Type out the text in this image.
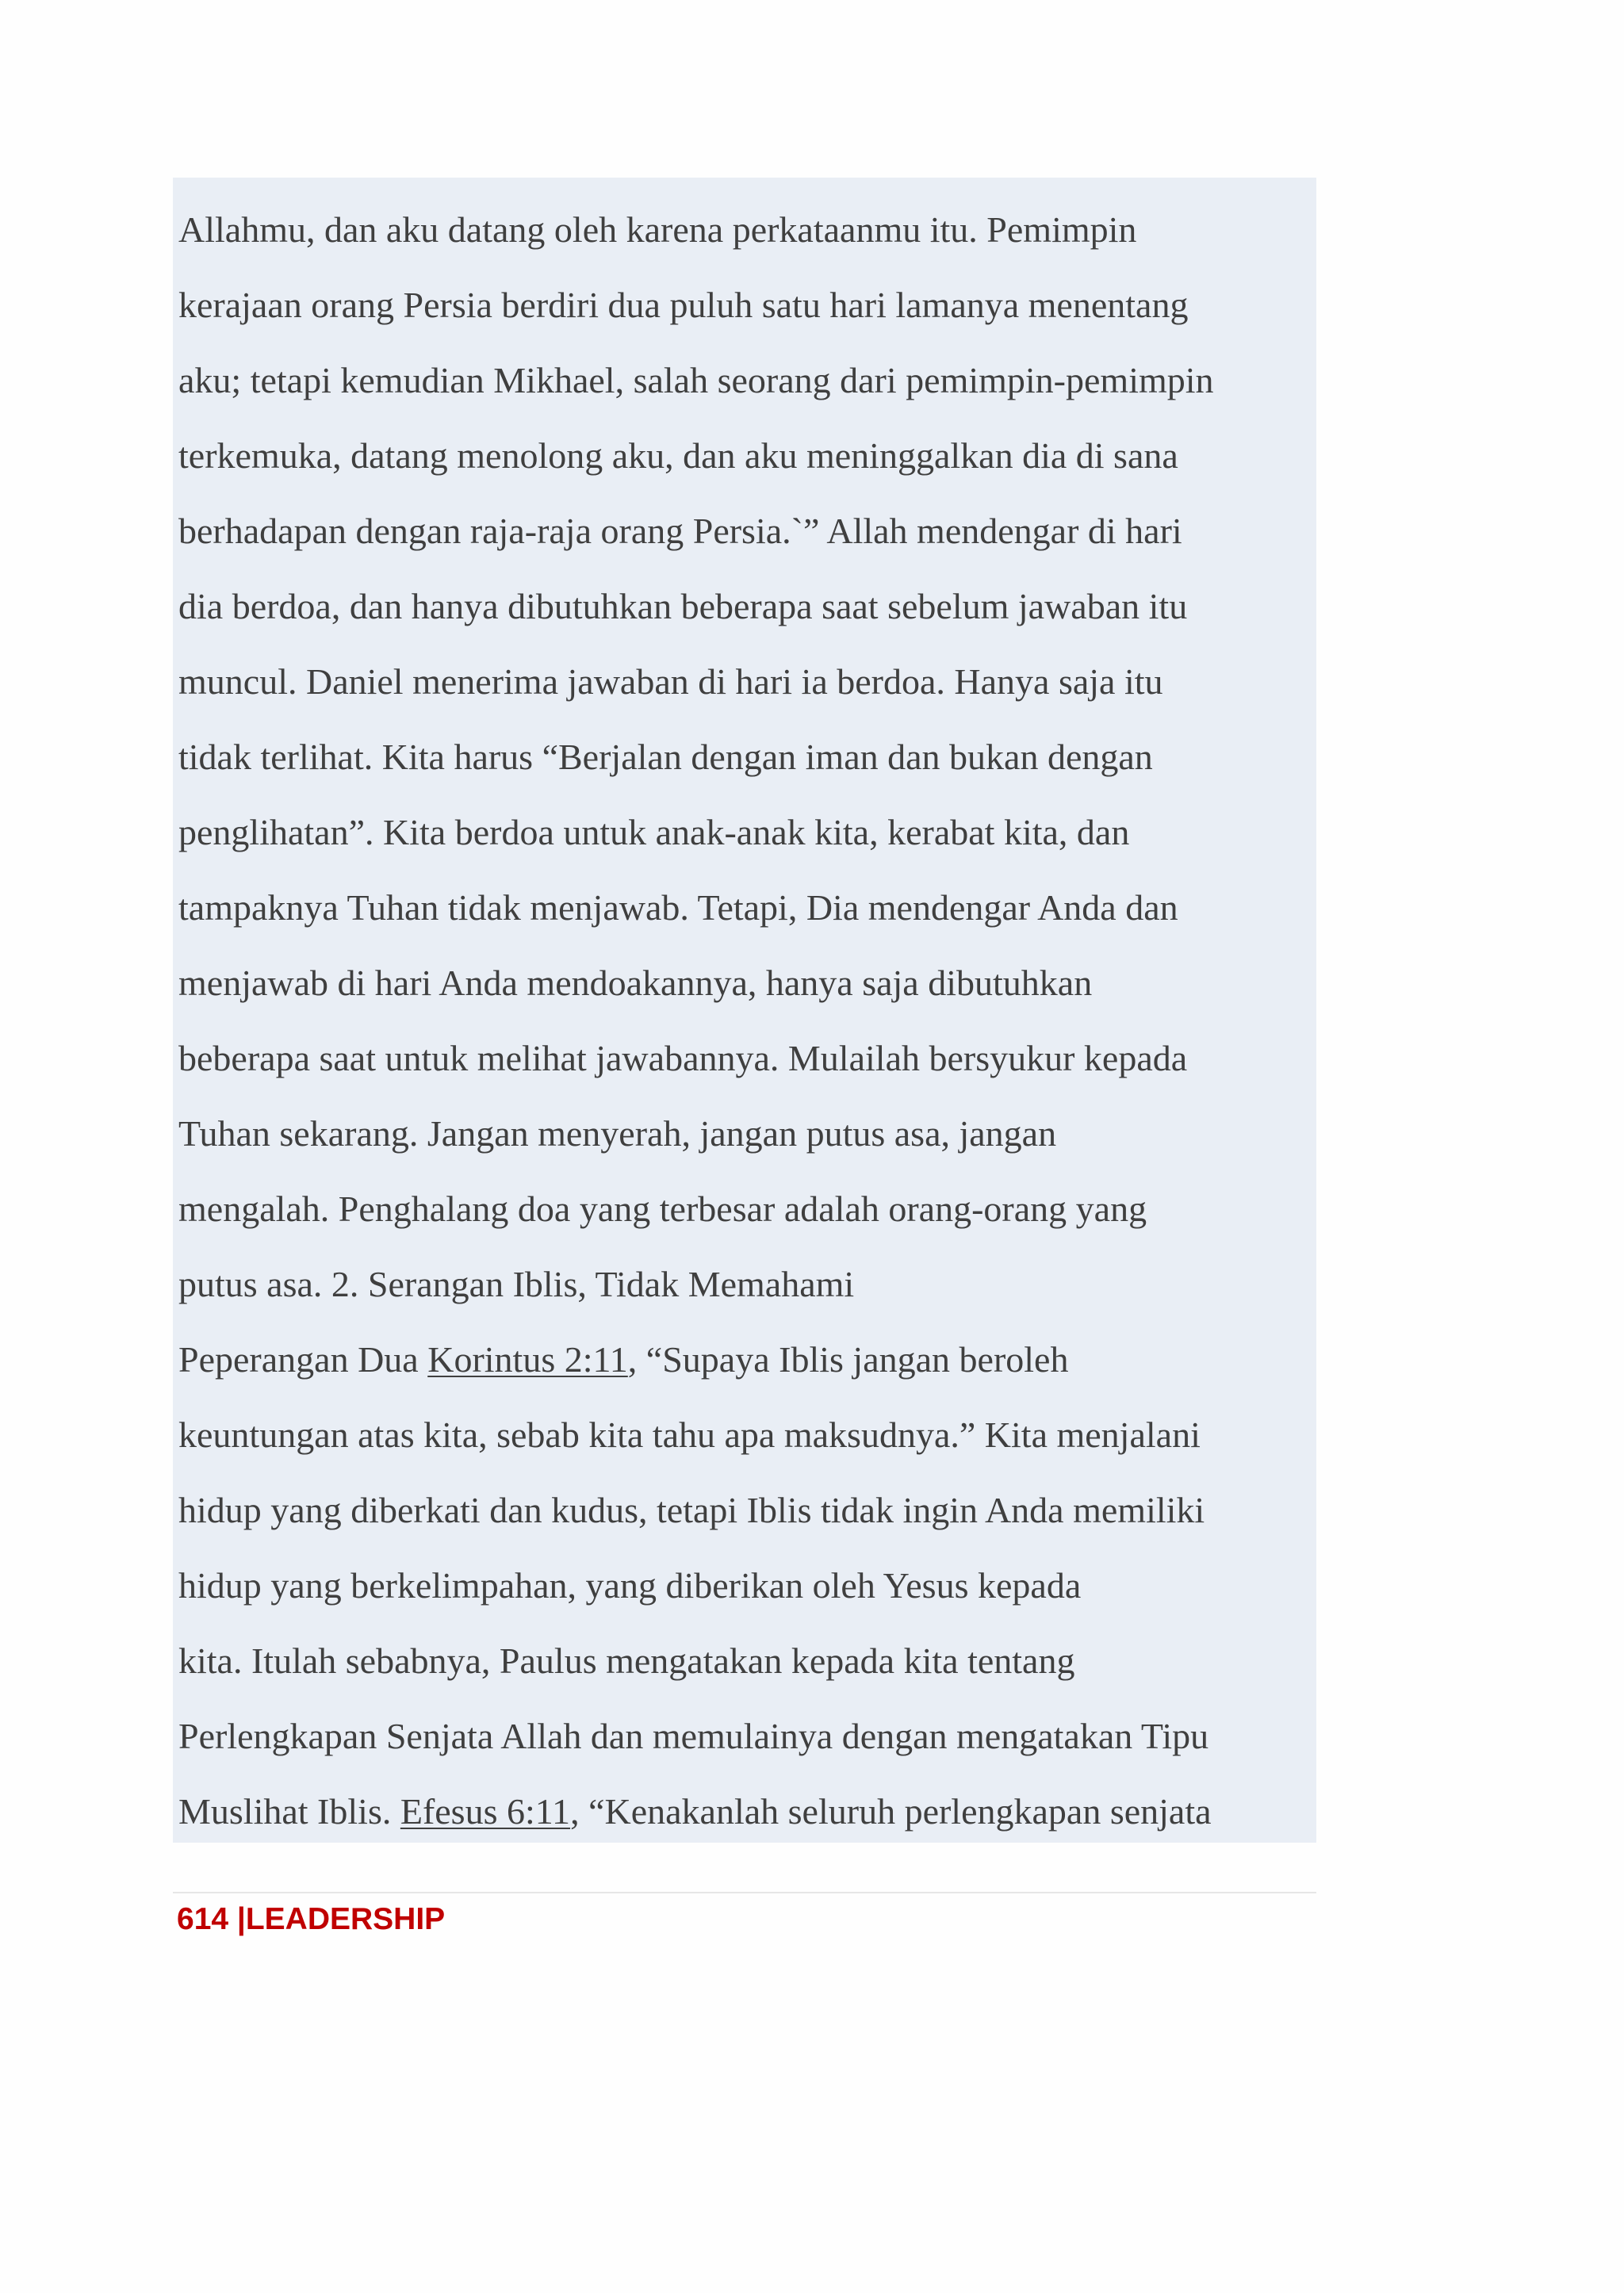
Allahmu, dan aku datang oleh karena perkataanmu itu. Pemimpin
kerajaan orang Persia berdiri dua puluh satu hari lamanya menentang
aku; tetapi kemudian Mikhael, salah seorang dari pemimpin-pemimpin
terkemuka, datang menolong aku, dan aku meninggalkan dia di sana
berhadapan dengan raja-raja orang Persia.`” Allah mendengar di hari
dia berdoa, dan hanya dibutuhkan beberapa saat sebelum jawaban itu
muncul. Daniel menerima jawaban di hari ia berdoa. Hanya saja itu
tidak terlihat. Kita harus “Berjalan dengan iman dan bukan dengan
penglihatan”. Kita berdoa untuk anak-anak kita, kerabat kita, dan
tampaknya Tuhan tidak menjawab. Tetapi, Dia mendengar Anda dan
menjawab di hari Anda mendoakannya, hanya saja dibutuhkan
beberapa saat untuk melihat jawabannya. Mulailah bersyukur kepada
Tuhan sekarang. Jangan menyerah, jangan putus asa, jangan
mengalah. Penghalang doa yang terbesar adalah orang-orang yang
putus asa. 2. Serangan Iblis, Tidak Memahami
Peperangan Dua Korintus 2:11, “Supaya Iblis jangan beroleh
keuntungan atas kita, sebab kita tahu apa maksudnya.” Kita menjalani
hidup yang diberkati dan kudus, tetapi Iblis tidak ingin Anda memiliki
hidup yang berkelimpahan, yang diberikan oleh Yesus kepada
kita. Itulah sebabnya, Paulus mengatakan kepada kita tentang
Perlengkapan Senjata Allah dan memulainya dengan mengatakan Tipu
Muslihat Iblis. Efesus 6:11, “Kenakanlah seluruh perlengkapan senjata
614 |LEADERSHIP
